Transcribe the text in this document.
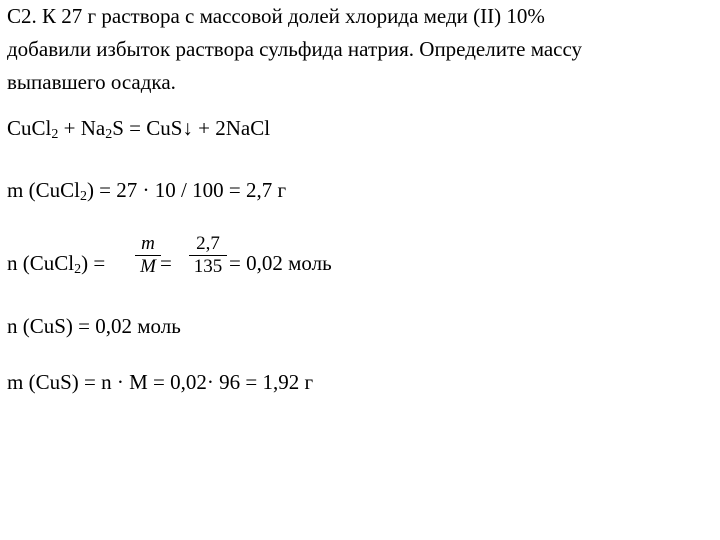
С2. К 27 г раствора с массовой долей хлорида меди (II) 10%
добавили избыток раствора сульфида натрия. Определите массу
выпавшего осадка.
CuCl$_2$ + $Na_2S$ = CuS↓ + 2NaCl
m (CuCl$_2$) = 27 · 10 / 100 = 2,7 г
n (CuCl$_2$) =
m
M =
2,7
135 = 0,02 моль
n (CuS) = 0,02 моль
m (CuS) = n · M = 0,02· 96 = 1,92 г
